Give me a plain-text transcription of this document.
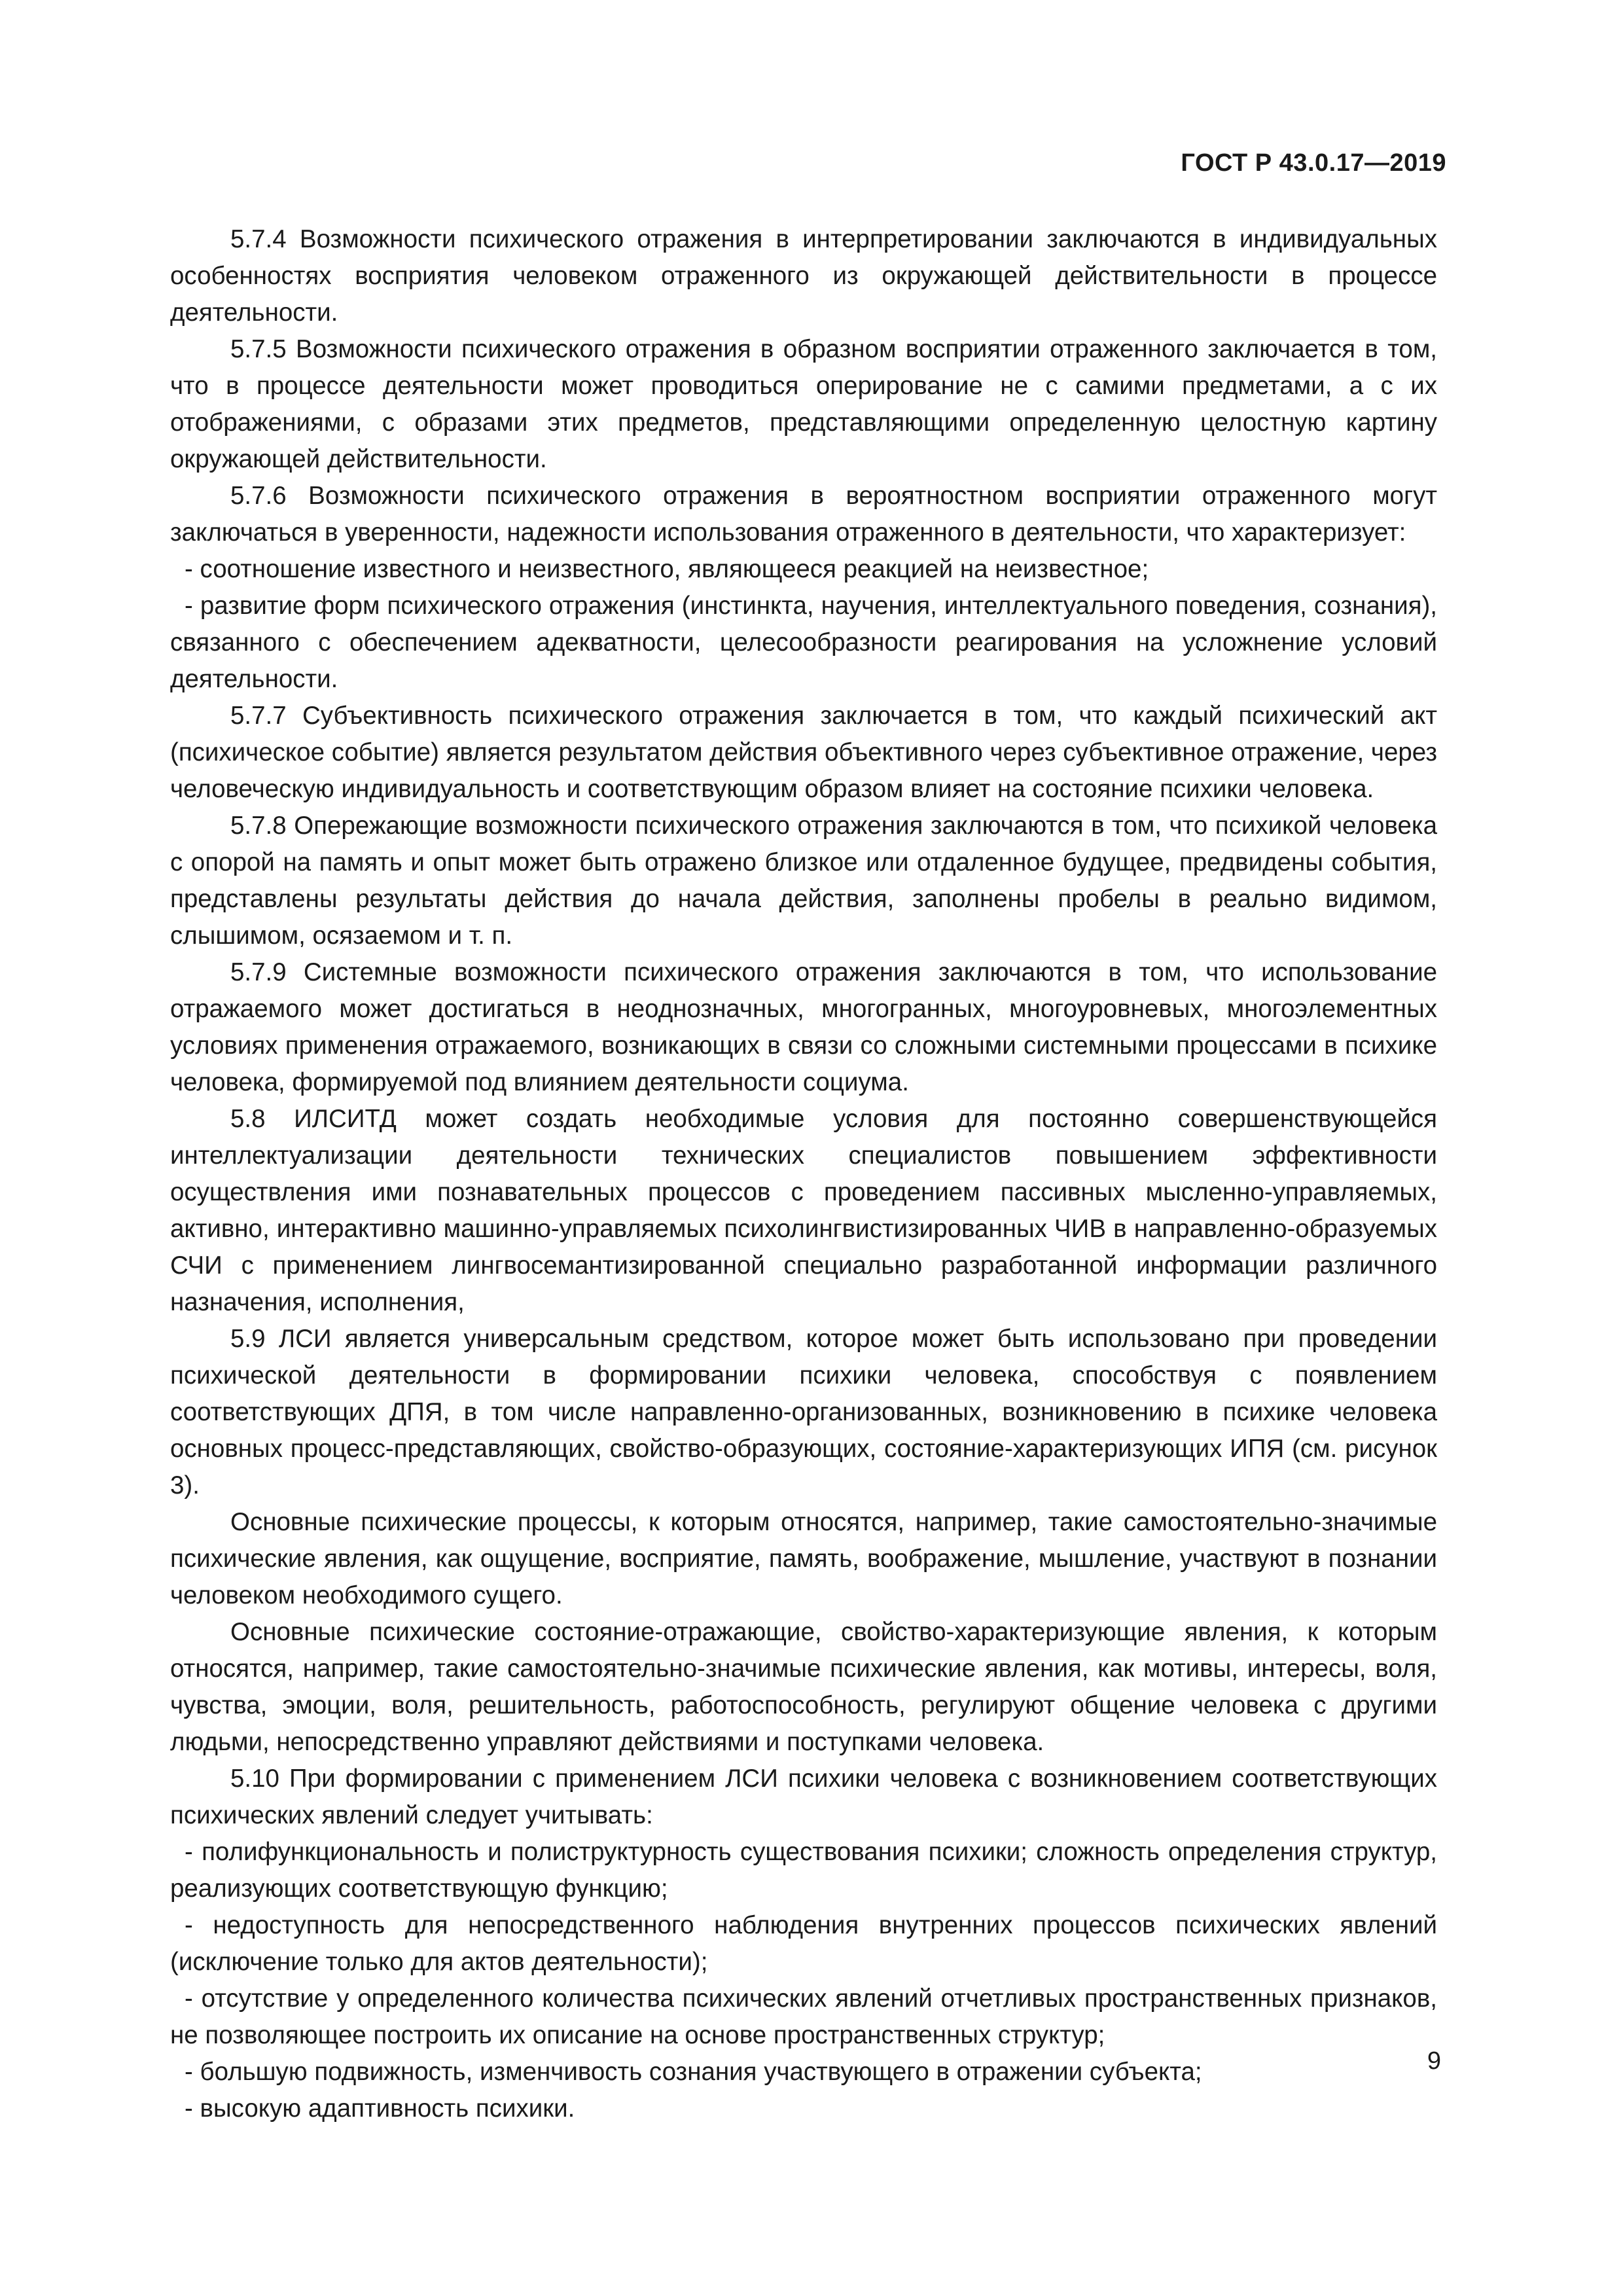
ГОСТ Р 43.0.17—2019

5.7.4 Возможности психического отражения в интерпретировании заключаются в индивидуальных особенностях восприятия человеком отраженного из окружающей действительности в процессе деятельности.

5.7.5 Возможности психического отражения в образном восприятии отраженного заключается в том, что в процессе деятельности может проводиться оперирование не с самими предметами, а с их отображениями, с образами этих предметов, представляющими определенную целостную картину окружающей действительности.

5.7.6 Возможности психического отражения в вероятностном восприятии отраженного могут заключаться в уверенности, надежности использования отраженного в деятельности, что характеризует:

- соотношение известного и неизвестного, являющееся реакцией на неизвестное;

- развитие форм психического отражения (инстинкта, научения, интеллектуального поведения, сознания), связанного с обеспечением адекватности, целесообразности реагирования на усложнение условий деятельности.

5.7.7 Субъективность психического отражения заключается в том, что каждый психический акт (психическое событие) является результатом действия объективного через субъективное отражение, через человеческую индивидуальность и соответствующим образом влияет на состояние психики человека.

5.7.8 Опережающие возможности психического отражения заключаются в том, что психикой человека с опорой на память и опыт может быть отражено близкое или отдаленное будущее, предвидены события, представлены результаты действия до начала действия, заполнены пробелы в реально видимом, слышимом, осязаемом и т. п.

5.7.9 Системные возможности психического отражения заключаются в том, что использование отражаемого может достигаться в неоднозначных, многогранных, многоуровневых, многоэлементных условиях применения отражаемого, возникающих в связи со сложными системными процессами в психике человека, формируемой под влиянием деятельности социума.

5.8 ИЛСИТД может создать необходимые условия для постоянно совершенствующейся интеллектуализации деятельности технических специалистов повышением эффективности осуществления ими познавательных процессов с проведением пассивных мысленно-управляемых, активно, интерактивно машинно-управляемых психолингвистизированных ЧИВ в направленно-образуемых СЧИ с применением лингвосемантизированной специально разработанной информации различного назначения, исполнения,

5.9 ЛСИ является универсальным средством, которое может быть использовано при проведении психической деятельности в формировании психики человека, способствуя с появлением соответствующих ДПЯ, в том числе направленно-организованных, возникновению в психике человека основных процесс-представляющих, свойство-образующих, состояние-характеризующих ИПЯ (см. рисунок 3).

Основные психические процессы, к которым относятся, например, такие самостоятельно-значимые психические явления, как ощущение, восприятие, память, воображение, мышление, участвуют в познании человеком необходимого сущего.

Основные психические состояние-отражающие, свойство-характеризующие явления, к которым относятся, например, такие самостоятельно-значимые психические явления, как мотивы, интересы, воля, чувства, эмоции, воля, решительность, работоспособность, регулируют общение человека с другими людьми, непосредственно управляют действиями и поступками человека.

5.10 При формировании с применением ЛСИ психики человека с возникновением соответствующих психических явлений следует учитывать:

- полифункциональность и полиструктурность существования психики; сложность определения структур, реализующих соответствующую функцию;

- недоступность для непосредственного наблюдения внутренних процессов психических явлений (исключение только для актов деятельности);

- отсутствие у определенного количества психических явлений отчетливых пространственных признаков, не позволяющее построить их описание на основе пространственных структур;

- большую подвижность, изменчивость сознания участвующего в отражении субъекта;

- высокую адаптивность психики.

9
